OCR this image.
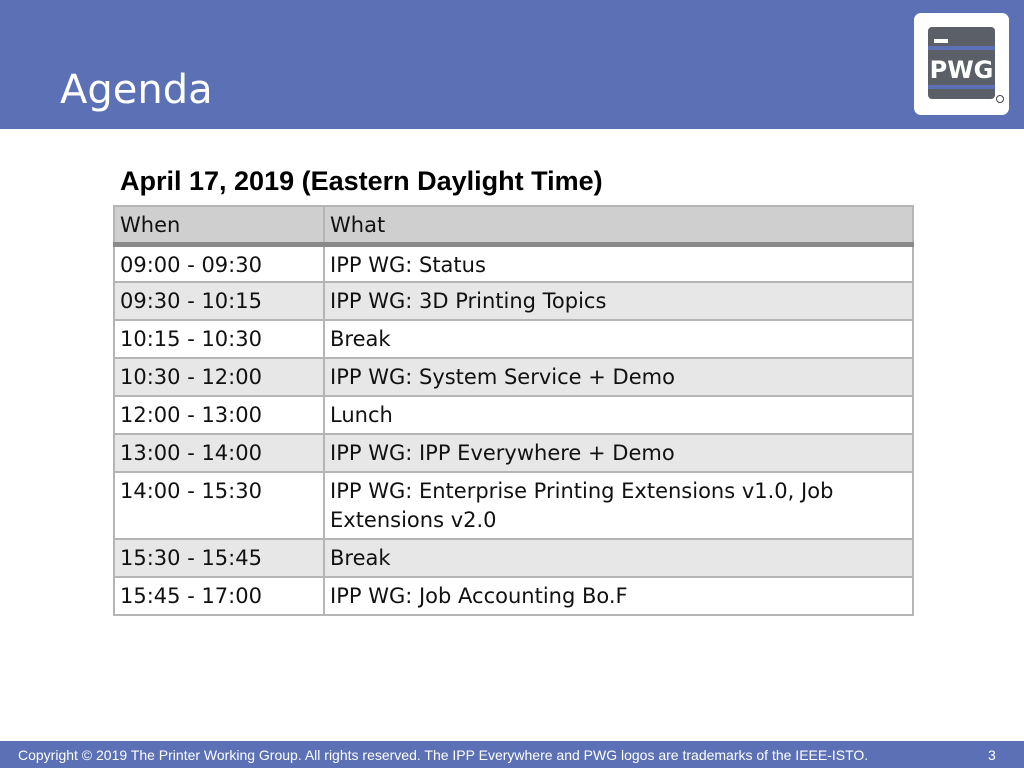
Agenda	PWG
April 17, 2019 (Eastern Daylight Time)
When	What

09:00 - 09:30	IPP WG: Status

09:30 - 10:15	IPP WG: 3D Printing Topics

10:15 - 10:30	Break

10:30 - 12:00	IPP WG: System Service + Demo

12:00 - 13:00	Lunch

13:00 - 14:00	IPP WG: IPP Everywhere + Demo

14:00 - 15:30	IPP WG: Enterprise Printing Extensions v1.0, Job Extensions v2.0

15:30 - 15:45	Break

15:45 - 17:00	IPP WG: Job Accounting Bo.F
Copyright © 2019 The Printer Working Group. All rights reserved. The IPP Everywhere and PWG logos are trademarks of the IEEE-ISTO.	3
